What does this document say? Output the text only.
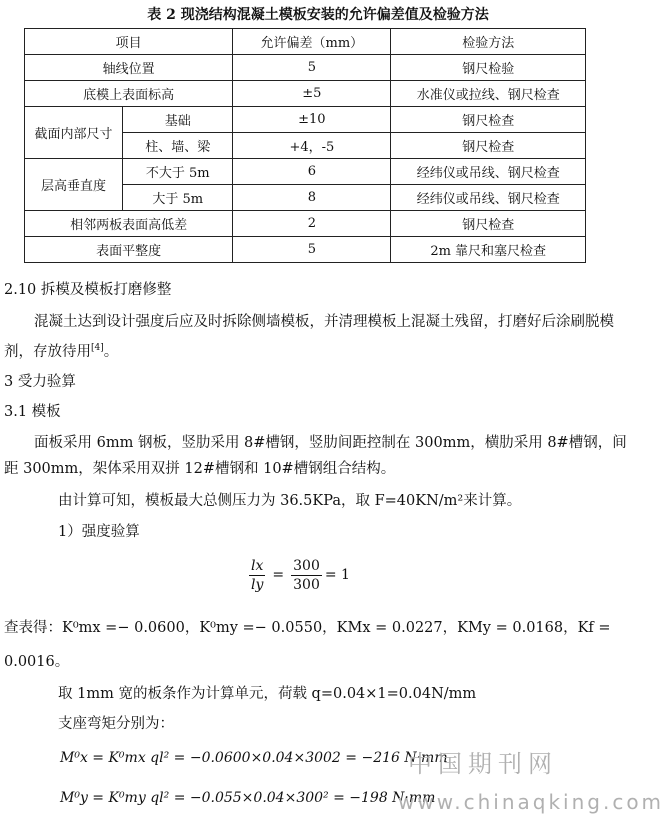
表 2 现浇结构混凝土模板安装的允许偏差值及检验方法
项目		允许偏差（mm）	检验方法
轴线位置		5	钢尺检验
底模上表面标高		±5	水准仪或拉线、钢尺检查
截面内部尺寸	基础	±10	钢尺检查
	柱、墙、梁	+4，-5	钢尺检查
层高垂直度	不大于 5m	6	经纬仪或吊线、钢尺检查
	大于 5m	8	经纬仪或吊线、钢尺检查
相邻两板表面高低差		2	钢尺检查
表面平整度		5	2m 靠尺和塞尺检查
2.10 拆模及模板打磨修整
混凝土达到设计强度后应及时拆除侧墙模板，并清理模板上混凝土残留，打磨好后涂刷脱模剂，存放待用[4]。
3 受力验算
3.1 模板
面板采用 6mm 钢板，竖肋采用 8#槽钢，竖肋间距控制在 300mm，横肋采用 8#槽钢，间距 300mm，架体采用双拼 12#槽钢和 10#槽钢组合结构。
由计算可知，模板最大总侧压力为 36.5KPa，取 F=40KN/m²来计算。
1）强度验算
$\frac{lx}{ly} = \frac{300}{300} = 1$
查表得：K⁰mx =− 0.0600，K⁰my =− 0.0550，KMx = 0.0227，KMy = 0.0168，Kf =
0.0016。
取 1mm 宽的板条作为计算单元，荷载 q=0.04×1=0.04N/mm
支座弯矩分别为：
M⁰x = K⁰mx ql² = −0.0600×0.04×3002 = −216 N·mm
M⁰y = K⁰my ql² = −0.055×0.04×300² = −198 N·mm
中国期刊网
www.chinaqking.com
